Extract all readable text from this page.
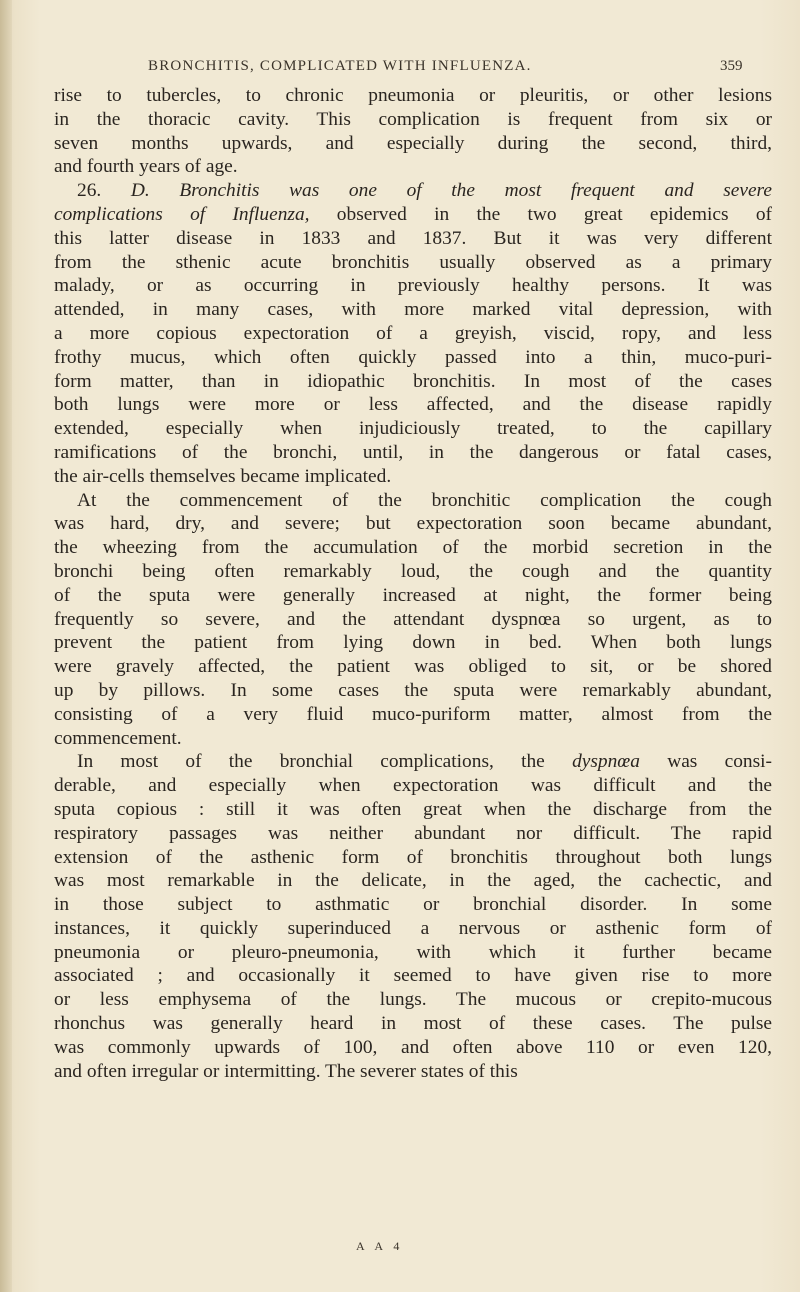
BRONCHITIS, COMPLICATED WITH INFLUENZA.	359
rise to tubercles, to chronic pneumonia or pleuritis, or other lesions
in the thoracic cavity. This complication is frequent from six or
seven months upwards, and especially during the second, third,
and fourth years of age.
26. D. Bronchitis was one of the most frequent and severe
complications of Influenza, observed in the two great epidemics of
this latter disease in 1833 and 1837. But it was very different
from the sthenic acute bronchitis usually observed as a primary
malady, or as occurring in previously healthy persons. It was
attended, in many cases, with more marked vital depression, with
a more copious expectoration of a greyish, viscid, ropy, and less
frothy mucus, which often quickly passed into a thin, muco-puri-
form matter, than in idiopathic bronchitis. In most of the cases
both lungs were more or less affected, and the disease rapidly
extended, especially when injudiciously treated, to the capillary
ramifications of the bronchi, until, in the dangerous or fatal cases,
the air-cells themselves became implicated.
At the commencement of the bronchitic complication the cough
was hard, dry, and severe; but expectoration soon became abundant,
the wheezing from the accumulation of the morbid secretion in the
bronchi being often remarkably loud, the cough and the quantity
of the sputa were generally increased at night, the former being
frequently so severe, and the attendant dyspnœa so urgent, as to
prevent the patient from lying down in bed. When both lungs
were gravely affected, the patient was obliged to sit, or be shored
up by pillows. In some cases the sputa were remarkably abundant,
consisting of a very fluid muco-puriform matter, almost from the
commencement.
In most of the bronchial complications, the dyspnœa was consi-
derable, and especially when expectoration was difficult and the
sputa copious : still it was often great when the discharge from the
respiratory passages was neither abundant nor difficult. The rapid
extension of the asthenic form of bronchitis throughout both lungs
was most remarkable in the delicate, in the aged, the cachectic, and
in those subject to asthmatic or bronchial disorder. In some
instances, it quickly superinduced a nervous or asthenic form of
pneumonia or pleuro-pneumonia, with which it further became
associated ; and occasionally it seemed to have given rise to more
or less emphysema of the lungs. The mucous or crepito-mucous
rhonchus was generally heard in most of these cases. The pulse
was commonly upwards of 100, and often above 110 or even 120,
and often irregular or intermitting. The severer states of this
A A 4
